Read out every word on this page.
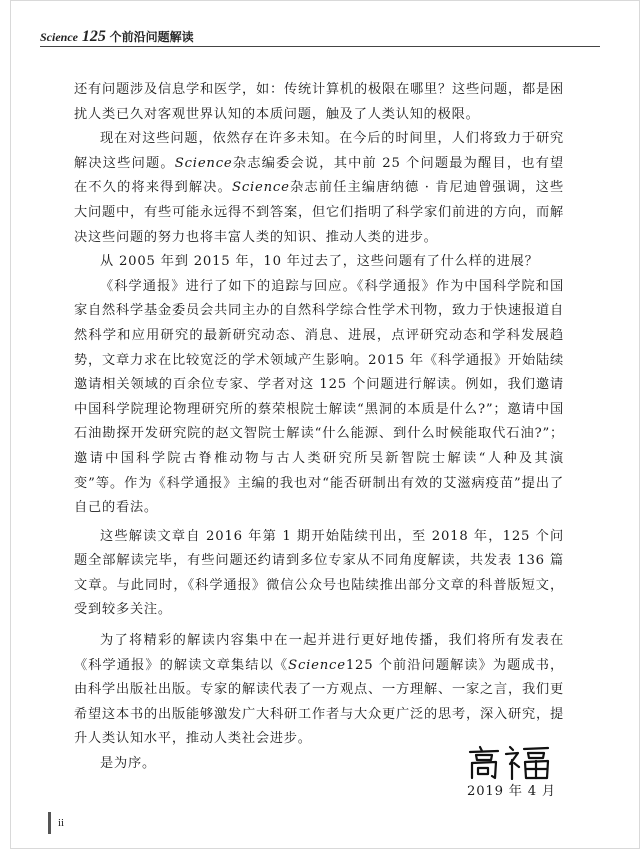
Science 125 个前沿问题解读

还有问题涉及信息学和医学，如：传统计算机的极限在哪里？这些问题，都是困扰人类已久对客观世界认知的本质问题，触及了人类认知的极限。

现在对这些问题，依然存在许多未知。在今后的时间里，人们将致力于研究解决这些问题。Science杂志编委会说，其中前 25 个问题最为醒目，也有望在不久的将来得到解决。Science杂志前任主编唐纳德 · 肯尼迪曾强调，这些大问题中，有些可能永远得不到答案，但它们指明了科学家们前进的方向，而解决这些问题的努力也将丰富人类的知识、推动人类的进步。

从 2005 年到 2015 年，10 年过去了，这些问题有了什么样的进展？

《科学通报》进行了如下的追踪与回应。《科学通报》作为中国科学院和国家自然科学基金委员会共同主办的自然科学综合性学术刊物，致力于快速报道自然科学和应用研究的最新研究动态、消息、进展，点评研究动态和学科发展趋势，文章力求在比较宽泛的学术领域产生影响。2015 年《科学通报》开始陆续邀请相关领域的百余位专家、学者对这 125 个问题进行解读。例如，我们邀请中国科学院理论物理研究所的蔡荣根院士解读“黑洞的本质是什么?”；邀请中国石油勘探开发研究院的赵文智院士解读“什么能源、到什么时候能取代石油?”；邀请中国科学院古脊椎动物与古人类研究所吴新智院士解读“人种及其演变”等。作为《科学通报》主编的我也对“能否研制出有效的艾滋病疫苗”提出了自己的看法。

这些解读文章自 2016 年第 1 期开始陆续刊出，至 2018 年，125 个问题全部解读完毕，有些问题还约请到多位专家从不同角度解读，共发表 136 篇文章。与此同时，《科学通报》微信公众号也陆续推出部分文章的科普版短文，受到较多关注。

为了将精彩的解读内容集中在一起并进行更好地传播，我们将所有发表在《科学通报》的解读文章集结以《Science125 个前沿问题解读》为题成书，由科学出版社出版。专家的解读代表了一方观点、一方理解、一家之言，我们更希望这本书的出版能够激发广大科研工作者与大众更广泛的思考，深入研究，提升人类认知水平，推动人类社会进步。

是为序。

2019 年 4 月
ii
